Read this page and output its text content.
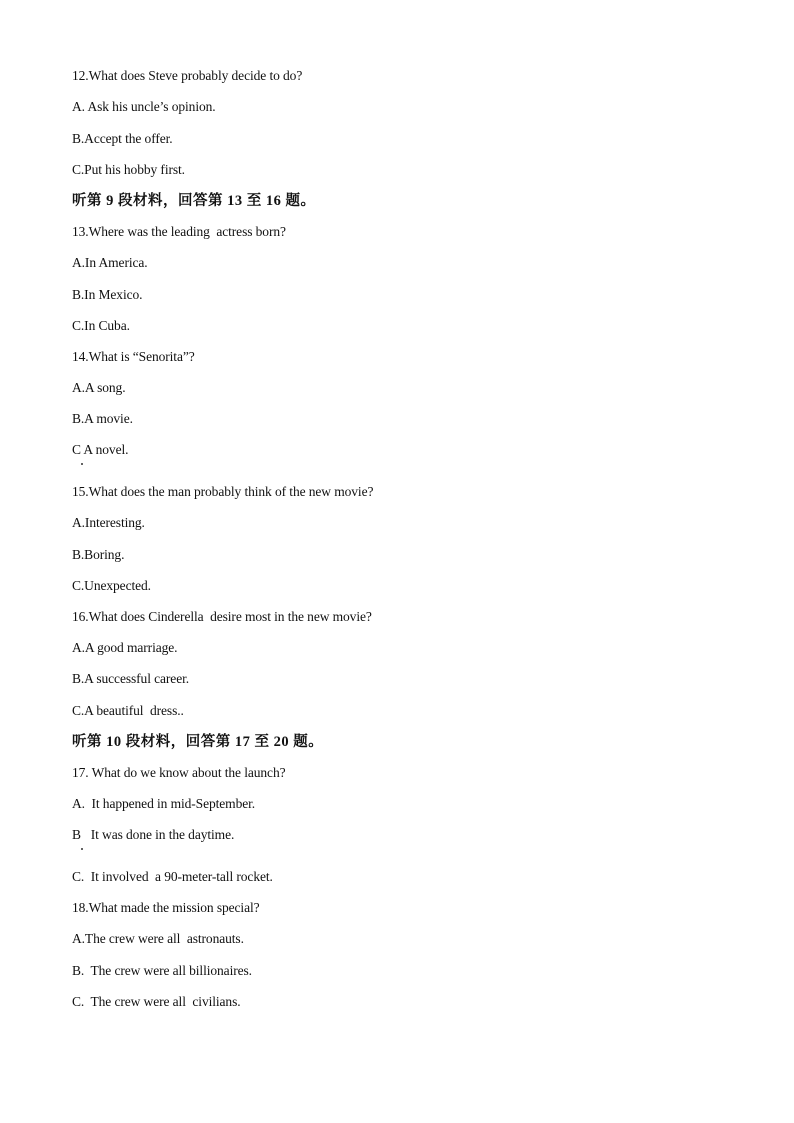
12.What does Steve probably decide to do?
A. Ask his uncle’s opinion.
B.Accept the offer.
C.Put his hobby first.
听第 9 段材料，回答第 13 至 16 题。
13.Where was the leading  actress born?
A.In America.
B.In Mexico.
C.In Cuba.
14.What is “Senorita”?
A.A song.
B.A movie.
C A novel.
15.What does the man probably think of the new movie?
A.Interesting.
B.Boring.
C.Unexpected.
16.What does Cinderella  desire most in the new movie?
A.A good marriage.
B.A successful career.
C.A beautiful  dress..
听第 10 段材料，回答第 17 至 20 题。
17. What do we know about the launch?
A.  It happened in mid-September.
B   It was done in the daytime.
C.  It involved  a 90-meter-tall rocket.
18.What made the mission special?
A.The crew were all  astronauts.
B.  The crew were all billionaires.
C.  The crew were all  civilians.
